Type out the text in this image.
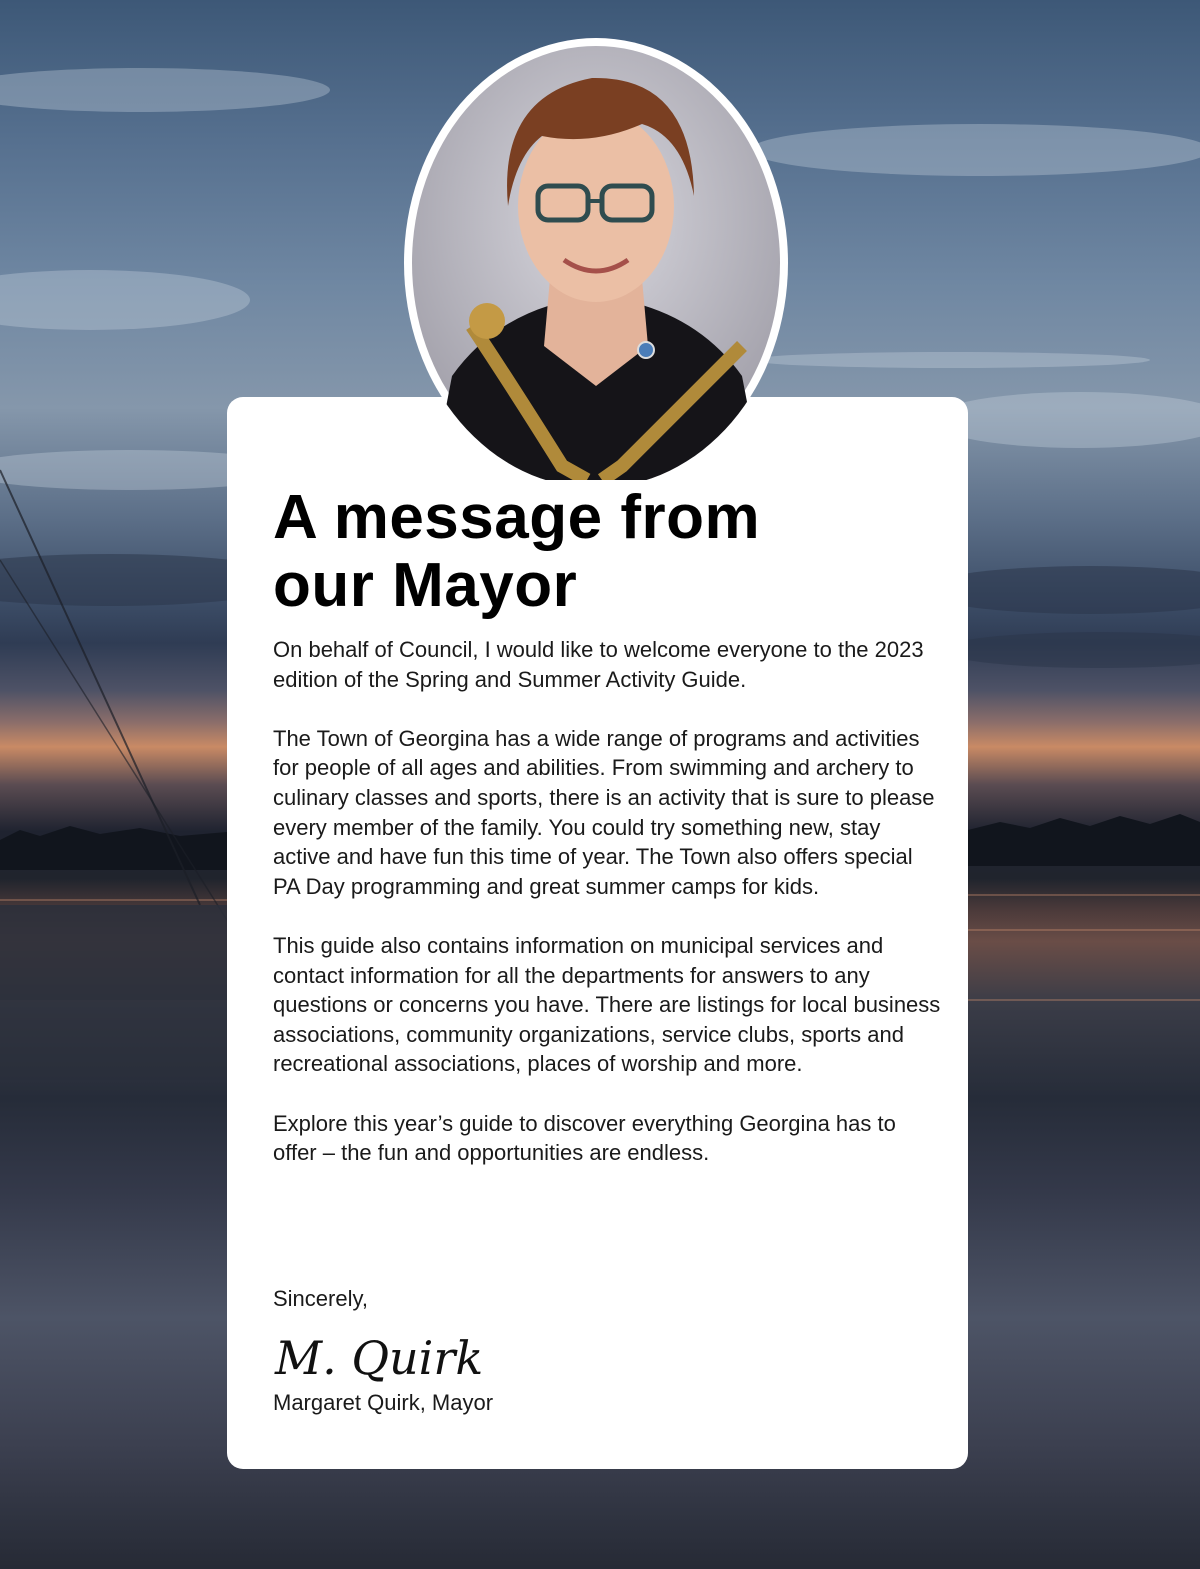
A message from
our Mayor

On behalf of Council, I would like to welcome everyone to the 2023 edition of the Spring and Summer Activity Guide.

The Town of Georgina has a wide range of programs and activities for people of all ages and abilities. From swimming and archery to culinary classes and sports, there is an activity that is sure to please every member of the family. You could try something new, stay active and have fun this time of year. The Town also offers special PA Day programming and great summer camps for kids.

This guide also contains information on municipal services and contact information for all the departments for answers to any questions or concerns you have. There are listings for local business associations, community organizations, service clubs, sports and recreational associations, places of worship and more.

Explore this year’s guide to discover everything Georgina has to offer – the fun and opportunities are endless.

Sincerely,

M. Quirk

Margaret Quirk, Mayor
